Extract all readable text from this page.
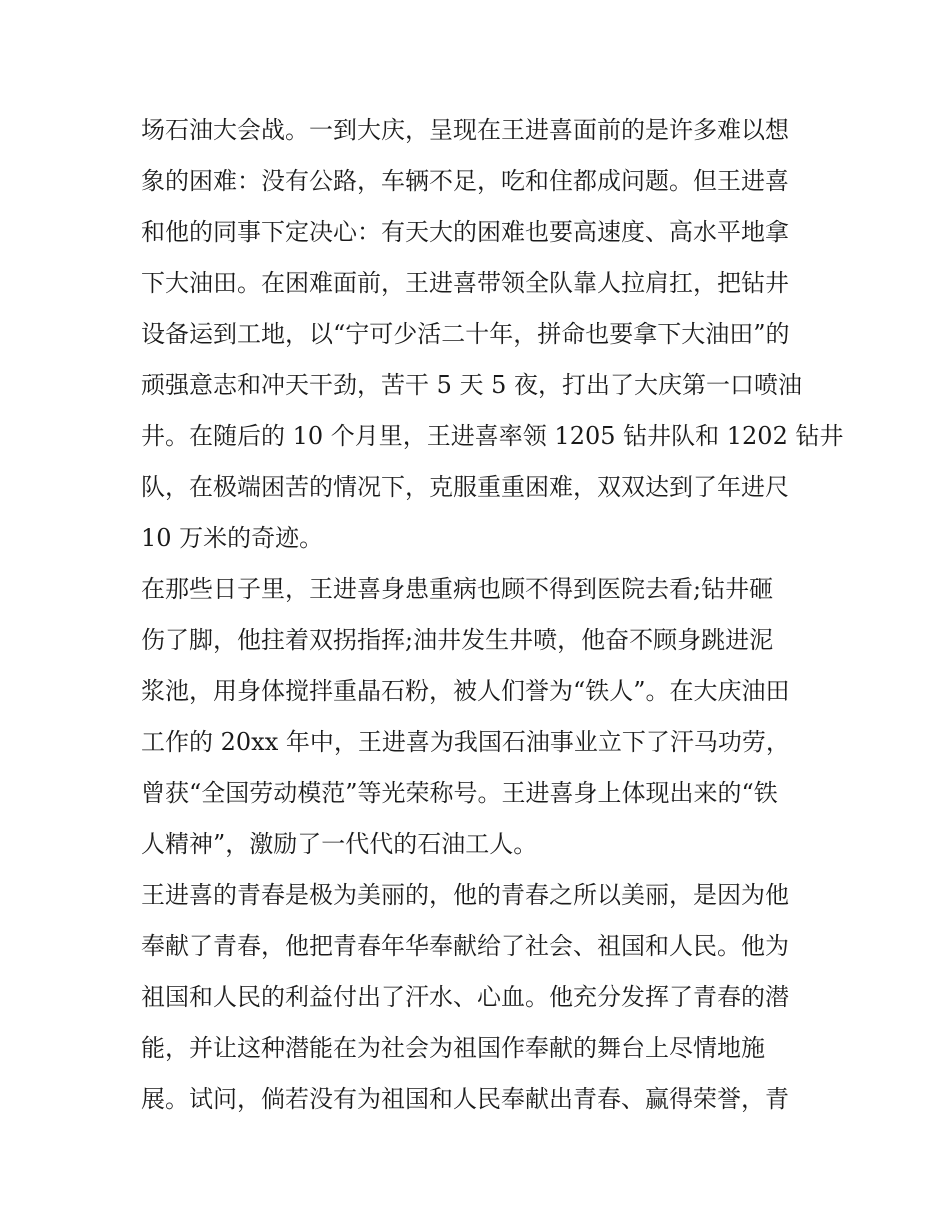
场石油大会战。一到大庆，呈现在王进喜面前的是许多难以想
象的困难：没有公路，车辆不足，吃和住都成问题。但王进喜
和他的同事下定决心：有天大的困难也要高速度、高水平地拿
下大油田。在困难面前，王进喜带领全队靠人拉肩扛，把钻井
设备运到工地，以“宁可少活二十年，拼命也要拿下大油田”的
顽强意志和冲天干劲，苦干 5 天 5 夜，打出了大庆第一口喷油
井。在随后的 10 个月里，王进喜率领 1205 钻井队和 1202 钻井
队，在极端困苦的情况下，克服重重困难，双双达到了年进尺
10 万米的奇迹。
在那些日子里，王进喜身患重病也顾不得到医院去看;钻井砸
伤了脚，他拄着双拐指挥;油井发生井喷，他奋不顾身跳进泥
浆池，用身体搅拌重晶石粉，被人们誉为“铁人”。在大庆油田
工作的 20xx 年中，王进喜为我国石油事业立下了汗马功劳，
曾获“全国劳动模范”等光荣称号。王进喜身上体现出来的“铁
人精神”，激励了一代代的石油工人。
王进喜的青春是极为美丽的，他的青春之所以美丽，是因为他
奉献了青春，他把青春年华奉献给了社会、祖国和人民。他为
祖国和人民的利益付出了汗水、心血。他充分发挥了青春的潜
能，并让这种潜能在为社会为祖国作奉献的舞台上尽情地施
展。试问，倘若没有为祖国和人民奉献出青春、赢得荣誉，青
